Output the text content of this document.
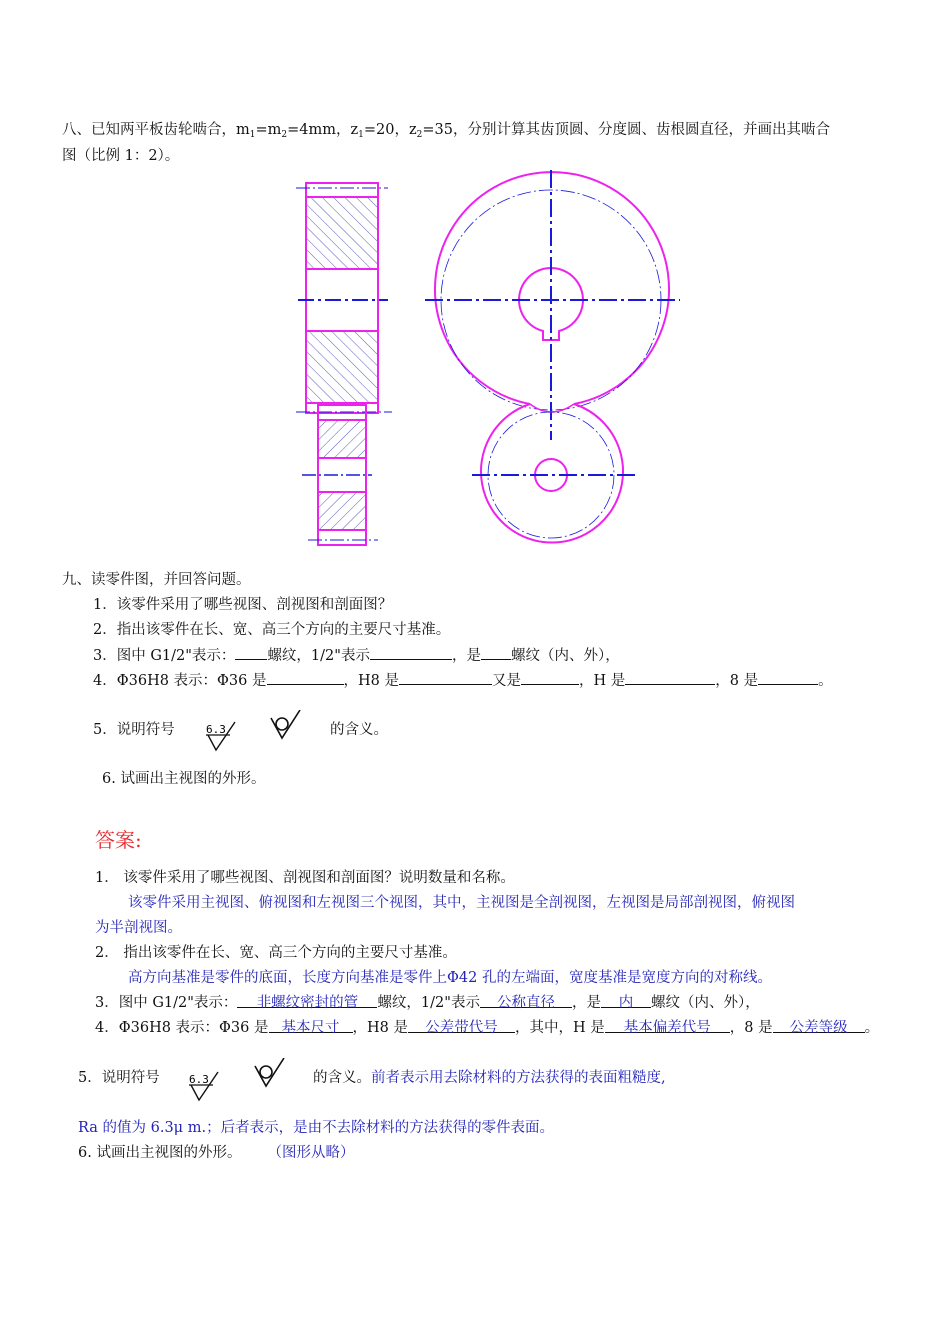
八、已知两平板齿轮啮合，$m_1=m_2=4mm$，$z_1=20$，$z_2=35$，分别计算其齿顶圆、分度圆、齿根圆直径，并画出其啮合
图（比例 1：2）。
九、读零件图，并回答问题。
1．该零件采用了哪些视图、剖视图和剖面图？
2．指出该零件在长、宽、高三个方向的主要尺寸基准。
3．图中 G1/2"表示： 螺纹，1/2"表示	，是 螺纹（内、外），
4．Φ36H8 表示：Φ36 是	，H8 是	又是	，H 是	，8 是	。
5．说明符号	6.3	的含义。
6. 试画出主视图的外形。
答案:
1． 该零件采用了哪些视图、剖视图和剖面图？说明数量和名称。
该零件采用主视图、俯视图和左视图三个视图，其中，主视图是全剖视图，左视图是局部剖视图，俯视图
为半剖视图。
2． 指出该零件在长、宽、高三个方向的主要尺寸基准。
高方向基准是零件的底面，长度方向基准是零件上Φ42 孔的左端面，宽度基准是宽度方向的对称线。
3．图中 G1/2"表示： 非螺纹密封的管 螺纹，1/2"表示 公称直径 ，是 内 螺纹（内、外），
4．Φ36H8 表示：Φ36 是 基本尺寸 ，H8 是 公差带代号 ，其中，H 是 基本偏差代号 ，8 是 公差等级 。
5．说明符号	6.3	的含义。前者表示用去除材料的方法获得的表面粗糙度,
Ra 的值为 6.3μ m.；后者表示，是由不去除材料的方法获得的零件表面。
6. 试画出主视图的外形。 （图形从略）
